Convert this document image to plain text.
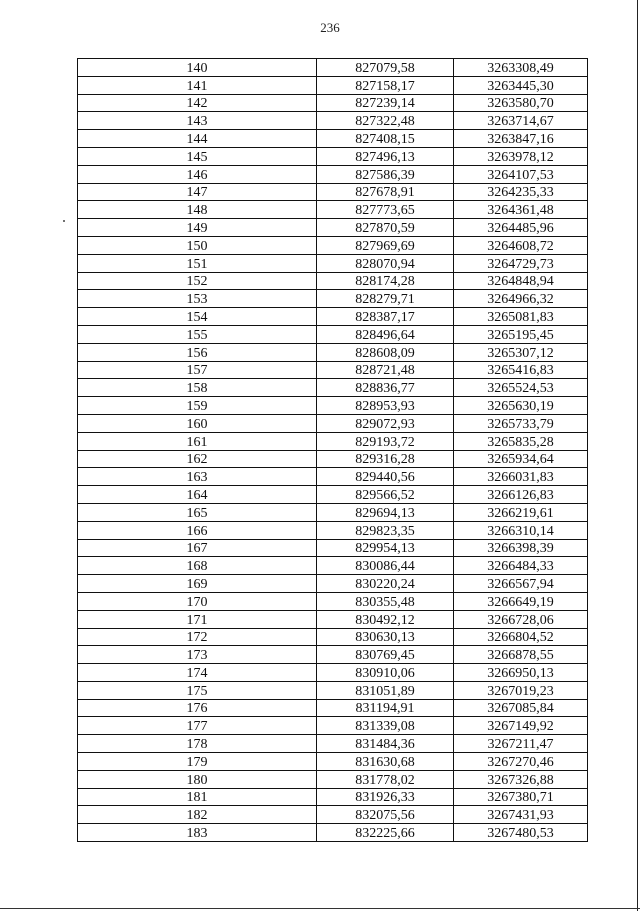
236
140	827079,58	3263308,49
141	827158,17	3263445,30
142	827239,14	3263580,70
143	827322,48	3263714,67
144	827408,15	3263847,16
145	827496,13	3263978,12
146	827586,39	3264107,53
147	827678,91	3264235,33
148	827773,65	3264361,48
149	827870,59	3264485,96
150	827969,69	3264608,72
151	828070,94	3264729,73
152	828174,28	3264848,94
153	828279,71	3264966,32
154	828387,17	3265081,83
155	828496,64	3265195,45
156	828608,09	3265307,12
157	828721,48	3265416,83
158	828836,77	3265524,53
159	828953,93	3265630,19
160	829072,93	3265733,79
161	829193,72	3265835,28
162	829316,28	3265934,64
163	829440,56	3266031,83
164	829566,52	3266126,83
165	829694,13	3266219,61
166	829823,35	3266310,14
167	829954,13	3266398,39
168	830086,44	3266484,33
169	830220,24	3266567,94
170	830355,48	3266649,19
171	830492,12	3266728,06
172	830630,13	3266804,52
173	830769,45	3266878,55
174	830910,06	3266950,13
175	831051,89	3267019,23
176	831194,91	3267085,84
177	831339,08	3267149,92
178	831484,36	3267211,47
179	831630,68	3267270,46
180	831778,02	3267326,88
181	831926,33	3267380,71
182	832075,56	3267431,93
183	832225,66	3267480,53
